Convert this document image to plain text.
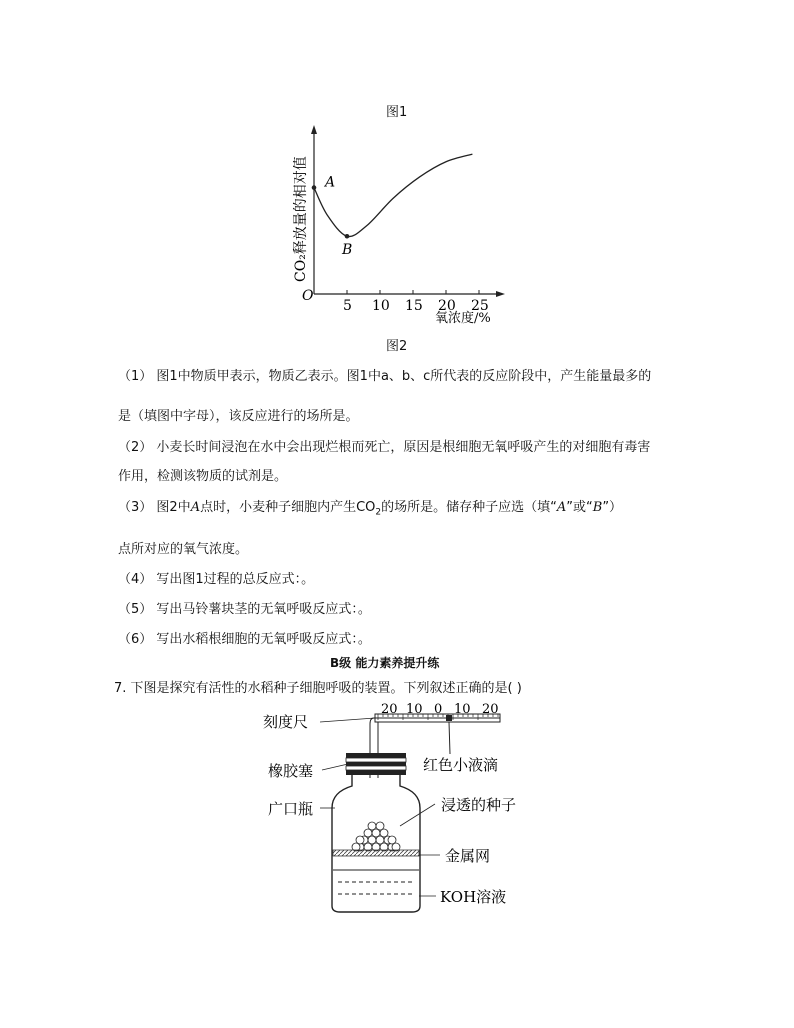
图1
A
B
O
5 10 15 20 25
CO₂释放量的相对值
氧浓度/%
图2
（1） 图1中物质甲表示，物质乙表示。图1中a、b、c所代表的反应阶段中，产生能量最多的
是（填图中字母），该反应进行的场所是。
（2） 小麦长时间浸泡在水中会出现烂根而死亡，原因是根细胞无氧呼吸产生的对细胞有毒害
作用，检测该物质的试剂是。
（3） 图2中A点时，小麦种子细胞内产生$CO_2$的场所是。储存种子应选（填“A”或“B”）
点所对应的氧气浓度。
（4） 写出图1过程的总反应式：。
（5） 写出马铃薯块茎的无氧呼吸反应式：。
（6） 写出水稻根细胞的无氧呼吸反应式：。
B级 能力素养提升练
7. 下图是探究有活性的水稻种子细胞呼吸的装置。下列叙述正确的是( )
20 10 0 10 20
刻度尺
橡胶塞	红色小液滴
广口瓶	浸透的种子
金属网
KOH溶液
